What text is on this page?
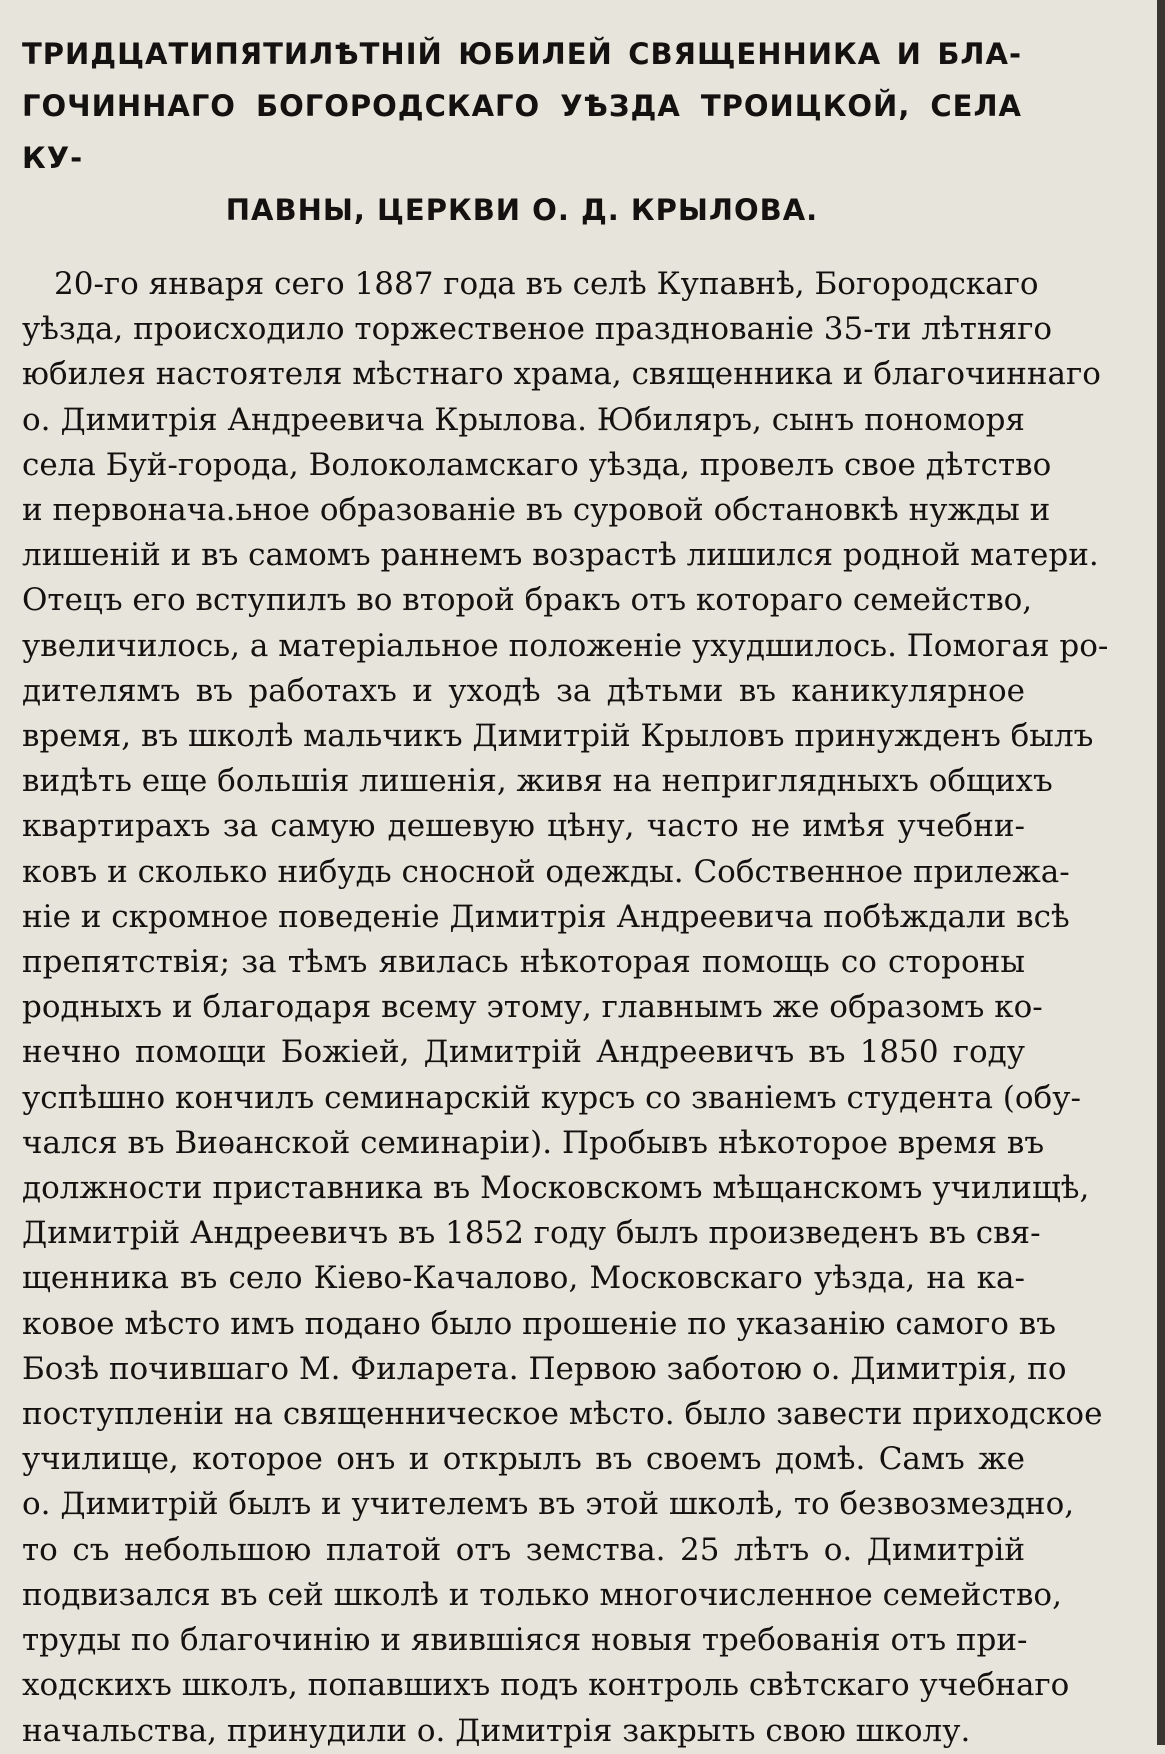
ТРИДЦАТИПЯТИЛѢТНІЙ ЮБИЛЕЙ СВЯЩЕННИКА И БЛА-
ГОЧИННАГО БОГОРОДСКАГО УѢЗДА ТРОИЦКОЙ, СЕЛА КУ-
ПАВНЫ, ЦЕРКВИ О. Д. КРЫЛОВА.
20-го января сего 1887 года въ селѣ Купавнѣ, Богородскаго
уѣзда, происходило торжественое празднованіе 35-ти лѣтняго
юбилея настоятеля мѣстнаго храма, священника и благочиннаго
о. Димитрія Андреевича Крылова. Юбиляръ, сынъ пономоря
села Буй-города, Волоколамскаго уѣзда, провелъ свое дѣтство
и первонача.ьное образованіе въ суровой обстановкѣ нужды и
лишеній и въ самомъ раннемъ возрастѣ лишился родной матери.
Отецъ его вступилъ во второй бракъ отъ котораго семейство,
увеличилось, а матеріальное положеніе ухудшилось. Помогая ро-
дителямъ въ работахъ и уходѣ за дѣтьми въ каникулярное
время, въ школѣ мальчикъ Димитрій Крыловъ принужденъ былъ
видѣть еще большія лишенія, живя на неприглядныхъ общихъ
квартирахъ за самую дешевую цѣну, часто не имѣя учебни-
ковъ и сколько нибудь сносной одежды. Собственное прилежа-
ніе и скромное поведеніе Димитрія Андреевича побѣждали всѣ
препятствія; за тѣмъ явилась нѣкоторая помощь со стороны
родныхъ и благодаря всему этому, главнымъ же образомъ ко-
нечно помощи Божіей, Димитрій Андреевичъ въ 1850 году
успѣшно кончилъ семинарскій курсъ со званіемъ студента (обу-
чался въ Виѳанской семинаріи). Пробывъ нѣкоторое время въ
должности приставника въ Московскомъ мѣщанскомъ училищѣ,
Димитрій Андреевичъ въ 1852 году былъ произведенъ въ свя-
щенника въ село Кіево-Качалово, Московскаго уѣзда, на ка-
ковое мѣсто имъ подано было прошеніе по указанію самого въ
Бозѣ почившаго М. Филарета. Первою заботою о. Димитрія, по
поступленіи на священническое мѣсто. было завести приходское
училище, которое онъ и открылъ въ своемъ домѣ. Самъ же
о. Димитрій былъ и учителемъ въ этой школѣ, то безвозмездно,
то съ небольшою платой отъ земства. 25 лѣтъ о. Димитрій
подвизался въ сей школѣ и только многочисленное семейство,
труды по благочинію и явившіяся новыя требованія отъ при-
ходскихъ школъ, попавшихъ подъ контроль свѣтскаго учебнаго
начальства, принудили о. Димитрія закрыть свою школу.
